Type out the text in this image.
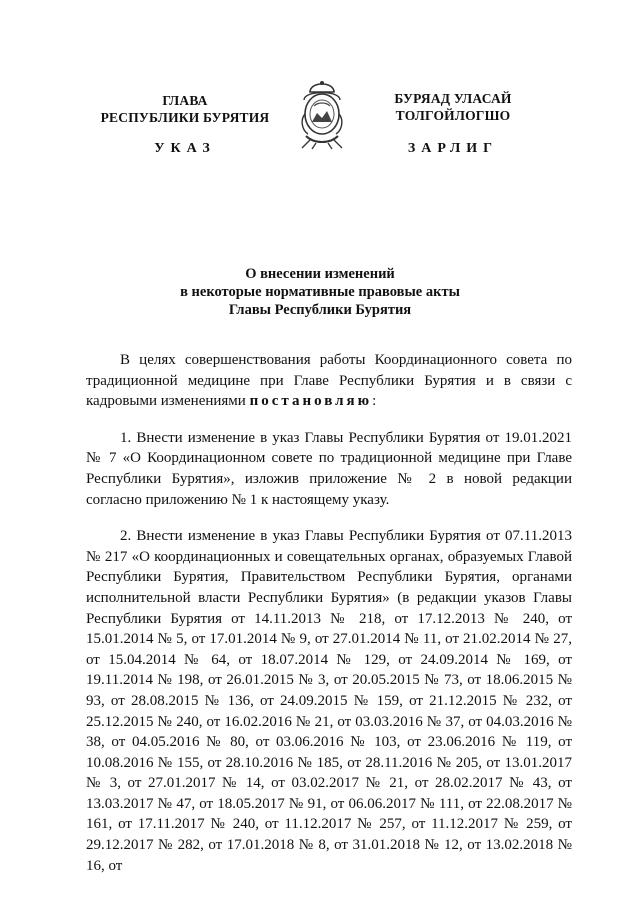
ГЛАВА
РЕСПУБЛИКИ БУРЯТИЯ
УКАЗ
БУРЯАД УЛАСАЙ
ТОЛГОЙЛОГШО
ЗАРЛИГ
О внесении изменений
в некоторые нормативные правовые акты
Главы Республики Бурятия

В целях совершенствования работы Координационного совета по традиционной медицине при Главе Республики Бурятия и в связи с кадровыми изменениями постановляю:

1. Внести изменение в указ Главы Республики Бурятия от 19.01.2021 № 7 «О Координационном совете по традиционной медицине при Главе Республики Бурятия», изложив приложение № 2 в новой редакции согласно приложению № 1 к настоящему указу.

2. Внести изменение в указ Главы Республики Бурятия от 07.11.2013 № 217 «О координационных и совещательных органах, образуемых Главой Республики Бурятия, Правительством Республики Бурятия, органами исполнительной власти Республики Бурятия» (в редакции указов Главы Республики Бурятия от 14.11.2013 № 218, от 17.12.2013 № 240, от 15.01.2014 № 5, от 17.01.2014 № 9, от 27.01.2014 № 11, от 21.02.2014 № 27, от 15.04.2014 № 64, от 18.07.2014 № 129, от 24.09.2014 № 169, от 19.11.2014 № 198, от 26.01.2015 № 3, от 20.05.2015 № 73, от 18.06.2015 № 93, от 28.08.2015 № 136, от 24.09.2015 № 159, от 21.12.2015 № 232, от 25.12.2015 № 240, от 16.02.2016 № 21, от 03.03.2016 № 37, от 04.03.2016 № 38, от 04.05.2016 № 80, от 03.06.2016 № 103, от 23.06.2016 № 119, от 10.08.2016 № 155, от 28.10.2016 № 185, от 28.11.2016 № 205, от 13.01.2017 № 3, от 27.01.2017 № 14, от 03.02.2017 № 21, от 28.02.2017 № 43, от 13.03.2017 № 47, от 18.05.2017 № 91, от 06.06.2017 № 111, от 22.08.2017 № 161, от 17.11.2017 № 240, от 11.12.2017 № 257, от 11.12.2017 № 259, от 29.12.2017 № 282, от 17.01.2018 № 8, от 31.01.2018 № 12, от 13.02.2018 № 16, от
